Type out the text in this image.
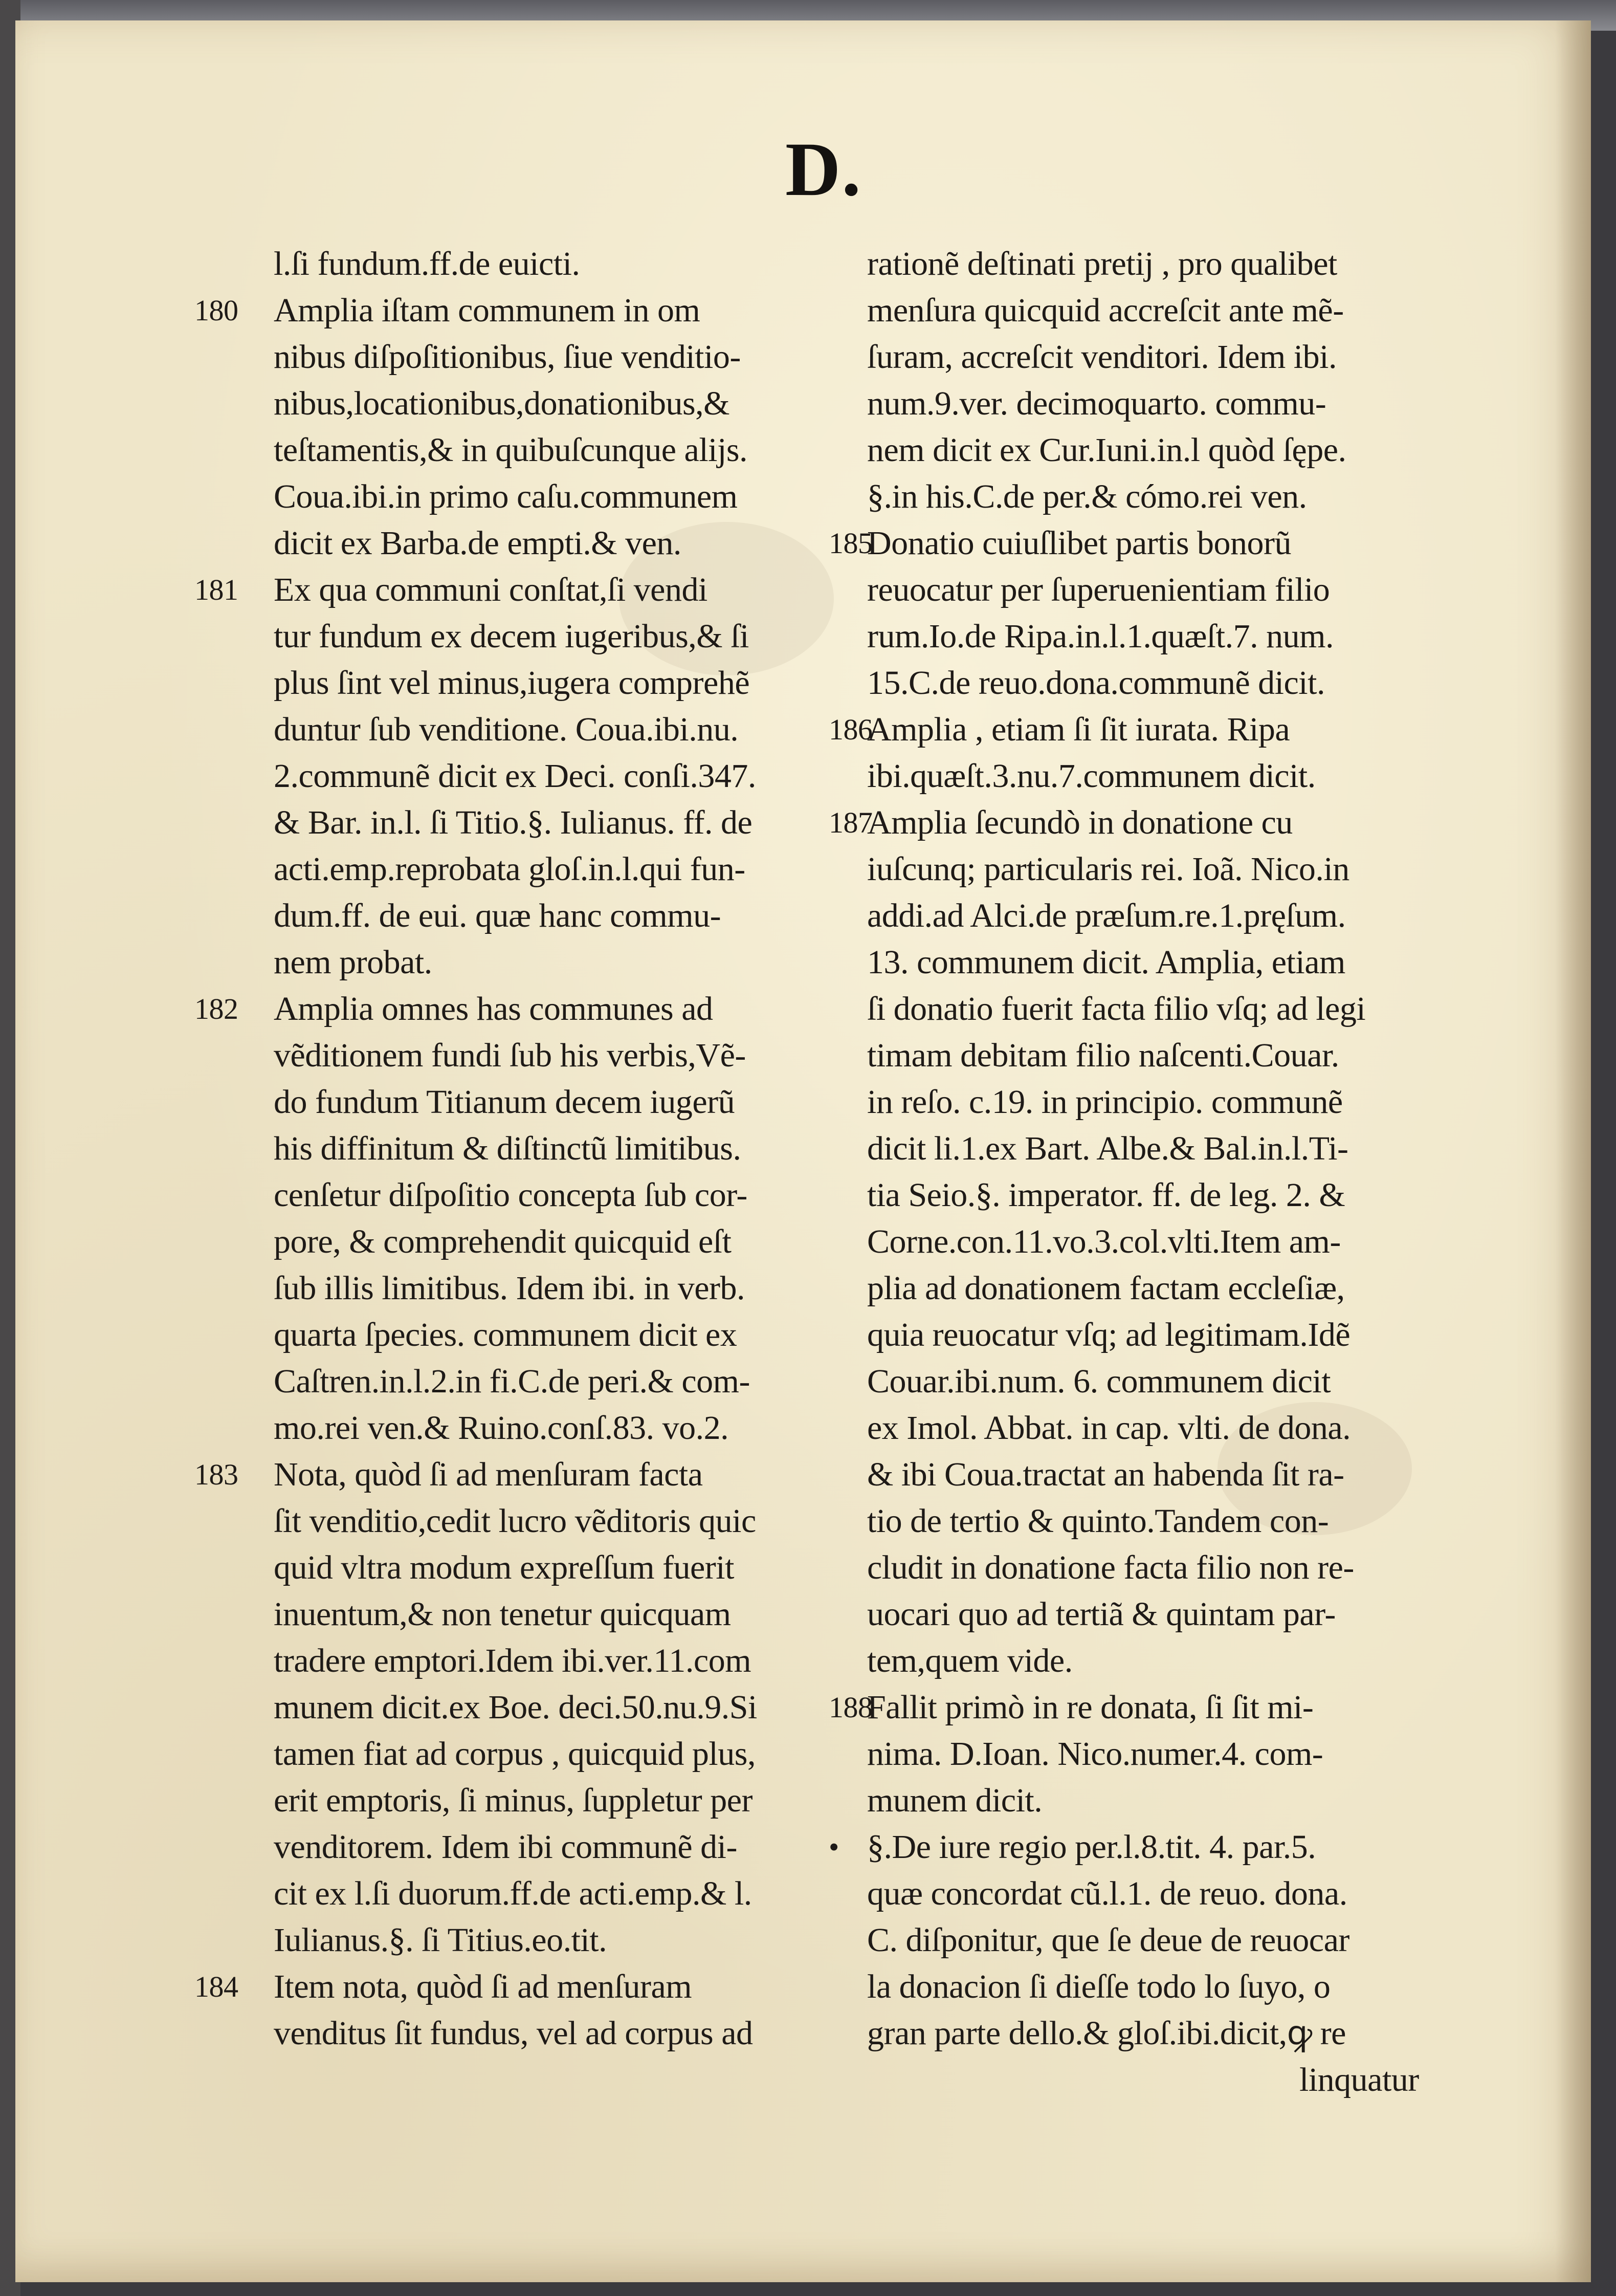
D.
l.ſi fundum.ff.de euicti.
180 Amplia iſtam communem in om
nibus diſpoſitionibus, ſiue venditio-
nibus,locationibus,donationibus,&
teſtamentis,& in quibuſcunque alijs.
Coua.ibi.in primo caſu.communem
dicit ex Barba.de empti.& ven.
181 Ex qua communi conſtat,ſi vendi
tur fundum ex decem iugeribus,& ſi
plus ſint vel minus,iugera comprehẽ
duntur ſub venditione. Coua.ibi.nu.
2.communẽ dicit ex Deci. conſi.347.
& Bar. in.l. ſi Titio.§. Iulianus. ff. de
acti.emp.reprobata gloſ.in.l.qui fun-
dum.ff. de eui. quæ hanc commu-
nem probat.
182 Amplia omnes has communes ad
vẽditionem fundi ſub his verbis,Vẽ-
do fundum Titianum decem iugerũ
his diffinitum & diſtinctũ limitibus.
cenſetur diſpoſitio concepta ſub cor-
pore, & comprehendit quicquid eſt
ſub illis limitibus. Idem ibi. in verb.
quarta ſpecies. communem dicit ex
Caſtren.in.l.2.in fi.C.de peri.& com-
mo.rei ven.& Ruino.conſ.83. vo.2.
183 Nota, quòd ſi ad menſuram facta
ſit venditio,cedit lucro vẽditoris quic
quid vltra modum expreſſum fuerit
inuentum,& non tenetur quicquam
tradere emptori.Idem ibi.ver.11.com
munem dicit.ex Boe. deci.50.nu.9.Si
tamen fiat ad corpus , quicquid plus,
erit emptoris, ſi minus, ſuppletur per
venditorem. Idem ibi communẽ di-
cit ex l.ſi duorum.ff.de acti.emp.& l.
Iulianus.§. ſi Titius.eo.tit.
184 Item nota, quòd ſi ad menſuram
venditus ſit fundus, vel ad corpus ad
rationẽ deſtinati pretij , pro qualibet
menſura quicquid accreſcit ante mẽ-
ſuram, accreſcit venditori. Idem ibi.
num.9.ver. decimoquarto. commu-
nem dicit ex Cur.Iuni.in.l quòd ſępe.
§.in his.C.de per.& cómo.rei ven.
185
Donatio cuiuſlibet partis bonorũ
reuocatur per ſuperuenientiam filio
rum.Io.de Ripa.in.l.1.quæſt.7. num.
15.C.de reuo.dona.communẽ dicit.
186
Amplia , etiam ſi ſit iurata. Ripa
ibi.quæſt.3.nu.7.communem dicit.
187
Amplia ſecundò in donatione cu
iuſcunq; particularis rei. Ioã. Nico.in
addi.ad Alci.de præſum.re.1.pręſum.
13. communem dicit. Amplia, etiam
ſi donatio fuerit facta filio vſq; ad legi
timam debitam filio naſcenti.Couar.
in reſo. c.19. in principio. communẽ
dicit li.1.ex Bart. Albe.& Bal.in.l.Ti-
tia Seio.§. imperator. ff. de leg. 2. &
Corne.con.11.vo.3.col.vlti.Item am-
plia ad donationem factam eccleſiæ,
quia reuocatur vſq; ad legitimam.Idẽ
Couar.ibi.num. 6. communem dicit
ex Imol. Abbat. in cap. vlti. de dona.
& ibi Coua.tractat an habenda ſit ra-
tio de tertio & quinto.Tandem con-
cludit in donatione facta filio non re-
uocari quo ad tertiã & quintam par-
tem,quem vide.
188
Fallit primò in re donata, ſi ſit mi-
nima. D.Ioan. Nico.numer.4. com-
munem dicit.
• §.De iure regio per.l.8.tit. 4. par.5.
quæ concordat cũ.l.1. de reuo. dona.
C. diſponitur, que ſe deue de reuocar
la donacion ſi dieſſe todo lo ſuyo, o
gran parte dello.& gloſ.ibi.dicit,ꝙ re
linquatur
